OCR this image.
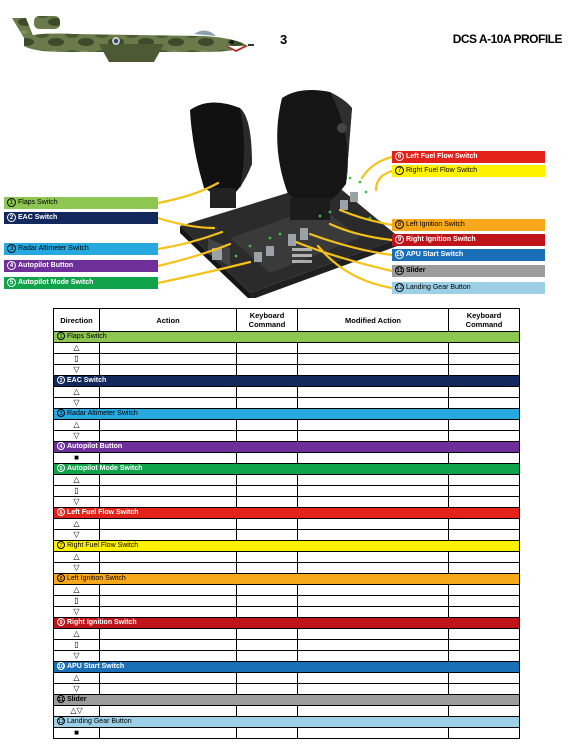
3	DCS A-10A PROFILE
1 Flaps Switch
2 EAC Switch
3 Radar Altimeter Switch
4 Autopilot Button
5 Autopilot Mode Switch
6 Left Fuel Flow Switch
7 Right Fuel Flow Switch
8 Left Ignition Switch
9 Right Ignition Switch
10 APU Start Switch
11 Slider
12 Landing Gear Button
Direction	Action	Keyboard Command	Modified Action	Keyboard Command
1 Flaps Switch				
△				
▯				
▽				
2 EAC Switch				
△				
▽				
3 Radar Altimeter Switch				
△				
▽				
4 Autopilot Button				
■				
5 Autopilot Mode Switch				
△				
▯				
▽				
6 Left Fuel Flow Switch				
△				
▽				
7 Right Fuel Flow Switch				
△				
▽				
8 Left Ignition Switch				
△				
▯				
▽				
9 Right Ignition Switch				
△				
▯				
▽				
10 APU Start Switch				
△				
▽				
11 Slider				
△▽				
12 Landing Gear Button				
■				
